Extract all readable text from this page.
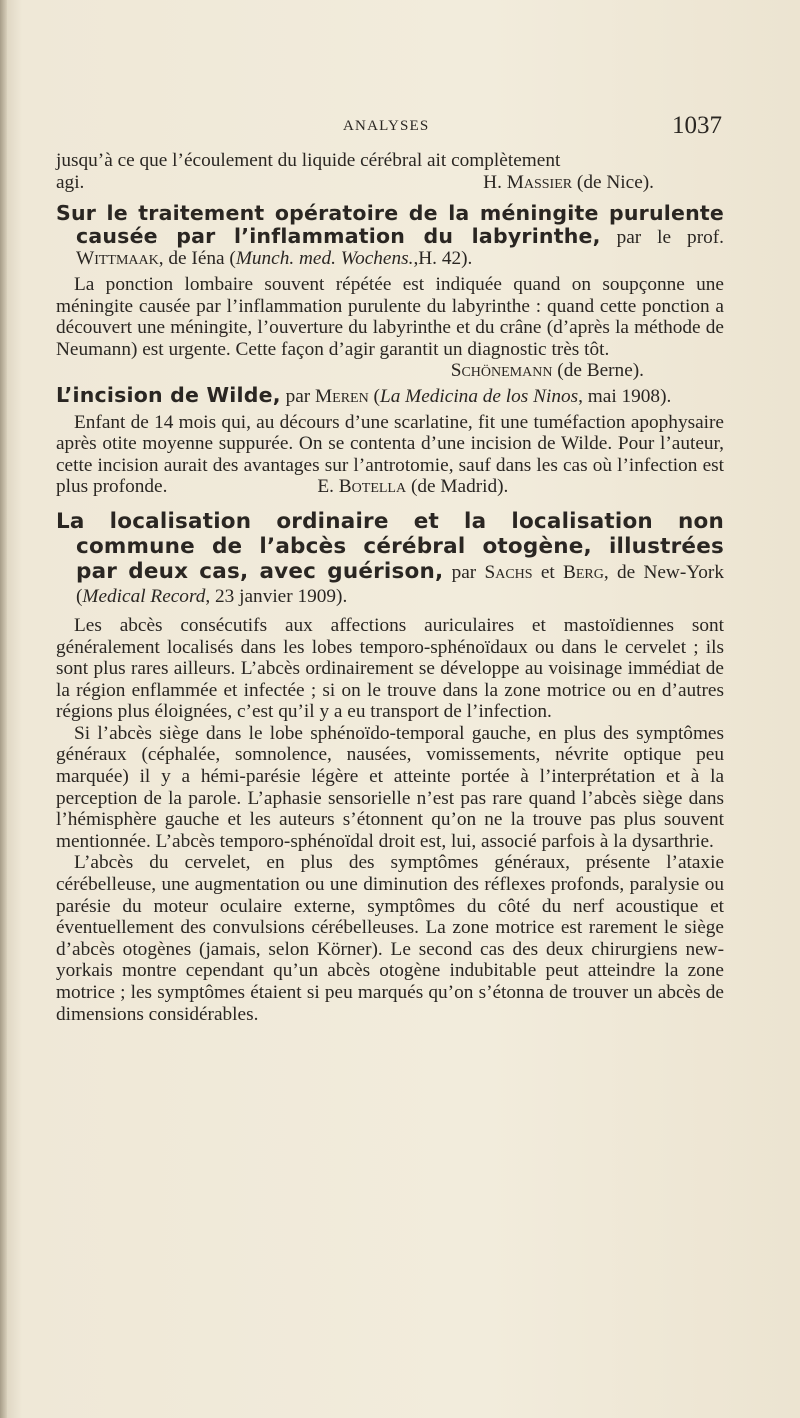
ANALYSES	1037

jusqu’à ce que l’écoulement du liquide cérébral ait complètement

agi.	H. Massier (de Nice).

Sur le traitement opératoire de la méningite purulente causée par l’inflammation du labyrinthe, par le prof. Wittmaak, de Iéna (Munch. med. Wochens.,H. 42).

La ponction lombaire souvent répétée est indiquée quand on soupçonne une méningite causée par l’inflammation purulente du labyrinthe : quand cette ponction a découvert une méningite, l’ouverture du labyrinthe et du crâne (d’après la méthode de Neumann) est urgente. Cette façon d’agir garantit un diagnostic très tôt.

Schönemann (de Berne).

L’incision de Wilde, par Meren (La Medicina de los Ninos, mai 1908).

Enfant de 14 mois qui, au décours d’une scarlatine, fit une tuméfaction apophysaire après otite moyenne suppurée. On se contenta d’une incision de Wilde. Pour l’auteur, cette incision aurait des avantages sur l’antrotomie, sauf dans les cas où l’infection est plus profonde.	E. Botella (de Madrid).

La localisation ordinaire et la localisation non commune de l’abcès cérébral otogène, illustrées par deux cas, avec guérison, par Sachs et Berg, de New-York (Medical Record, 23 janvier 1909).

Les abcès consécutifs aux affections auriculaires et mastoïdiennes sont généralement localisés dans les lobes temporo-sphénoïdaux ou dans le cervelet ; ils sont plus rares ailleurs. L’abcès ordinairement se développe au voisinage immédiat de la région enflammée et infectée ; si on le trouve dans la zone motrice ou en d’autres régions plus éloignées, c’est qu’il y a eu transport de l’infection.

Si l’abcès siège dans le lobe sphénoïdo-temporal gauche, en plus des symptômes généraux (céphalée, somnolence, nausées, vomissements, névrite optique peu marquée) il y a hémi-parésie légère et atteinte portée à l’interprétation et à la perception de la parole. L’aphasie sensorielle n’est pas rare quand l’abcès siège dans l’hémisphère gauche et les auteurs s’étonnent qu’on ne la trouve pas plus souvent mentionnée. L’abcès temporo-sphénoïdal droit est, lui, associé parfois à la dysarthrie.

L’abcès du cervelet, en plus des symptômes généraux, présente l’ataxie cérébelleuse, une augmentation ou une diminution des réflexes profonds, paralysie ou parésie du moteur oculaire externe, symptômes du côté du nerf acoustique et éventuellement des convulsions cérébelleuses. La zone motrice est rarement le siège d’abcès otogènes (jamais, selon Körner). Le second cas des deux chirurgiens new-yorkais montre cependant qu’un abcès otogène indubitable peut atteindre la zone motrice ; les symptômes étaient si peu marqués qu’on s’étonna de trouver un abcès de dimensions considérables.
